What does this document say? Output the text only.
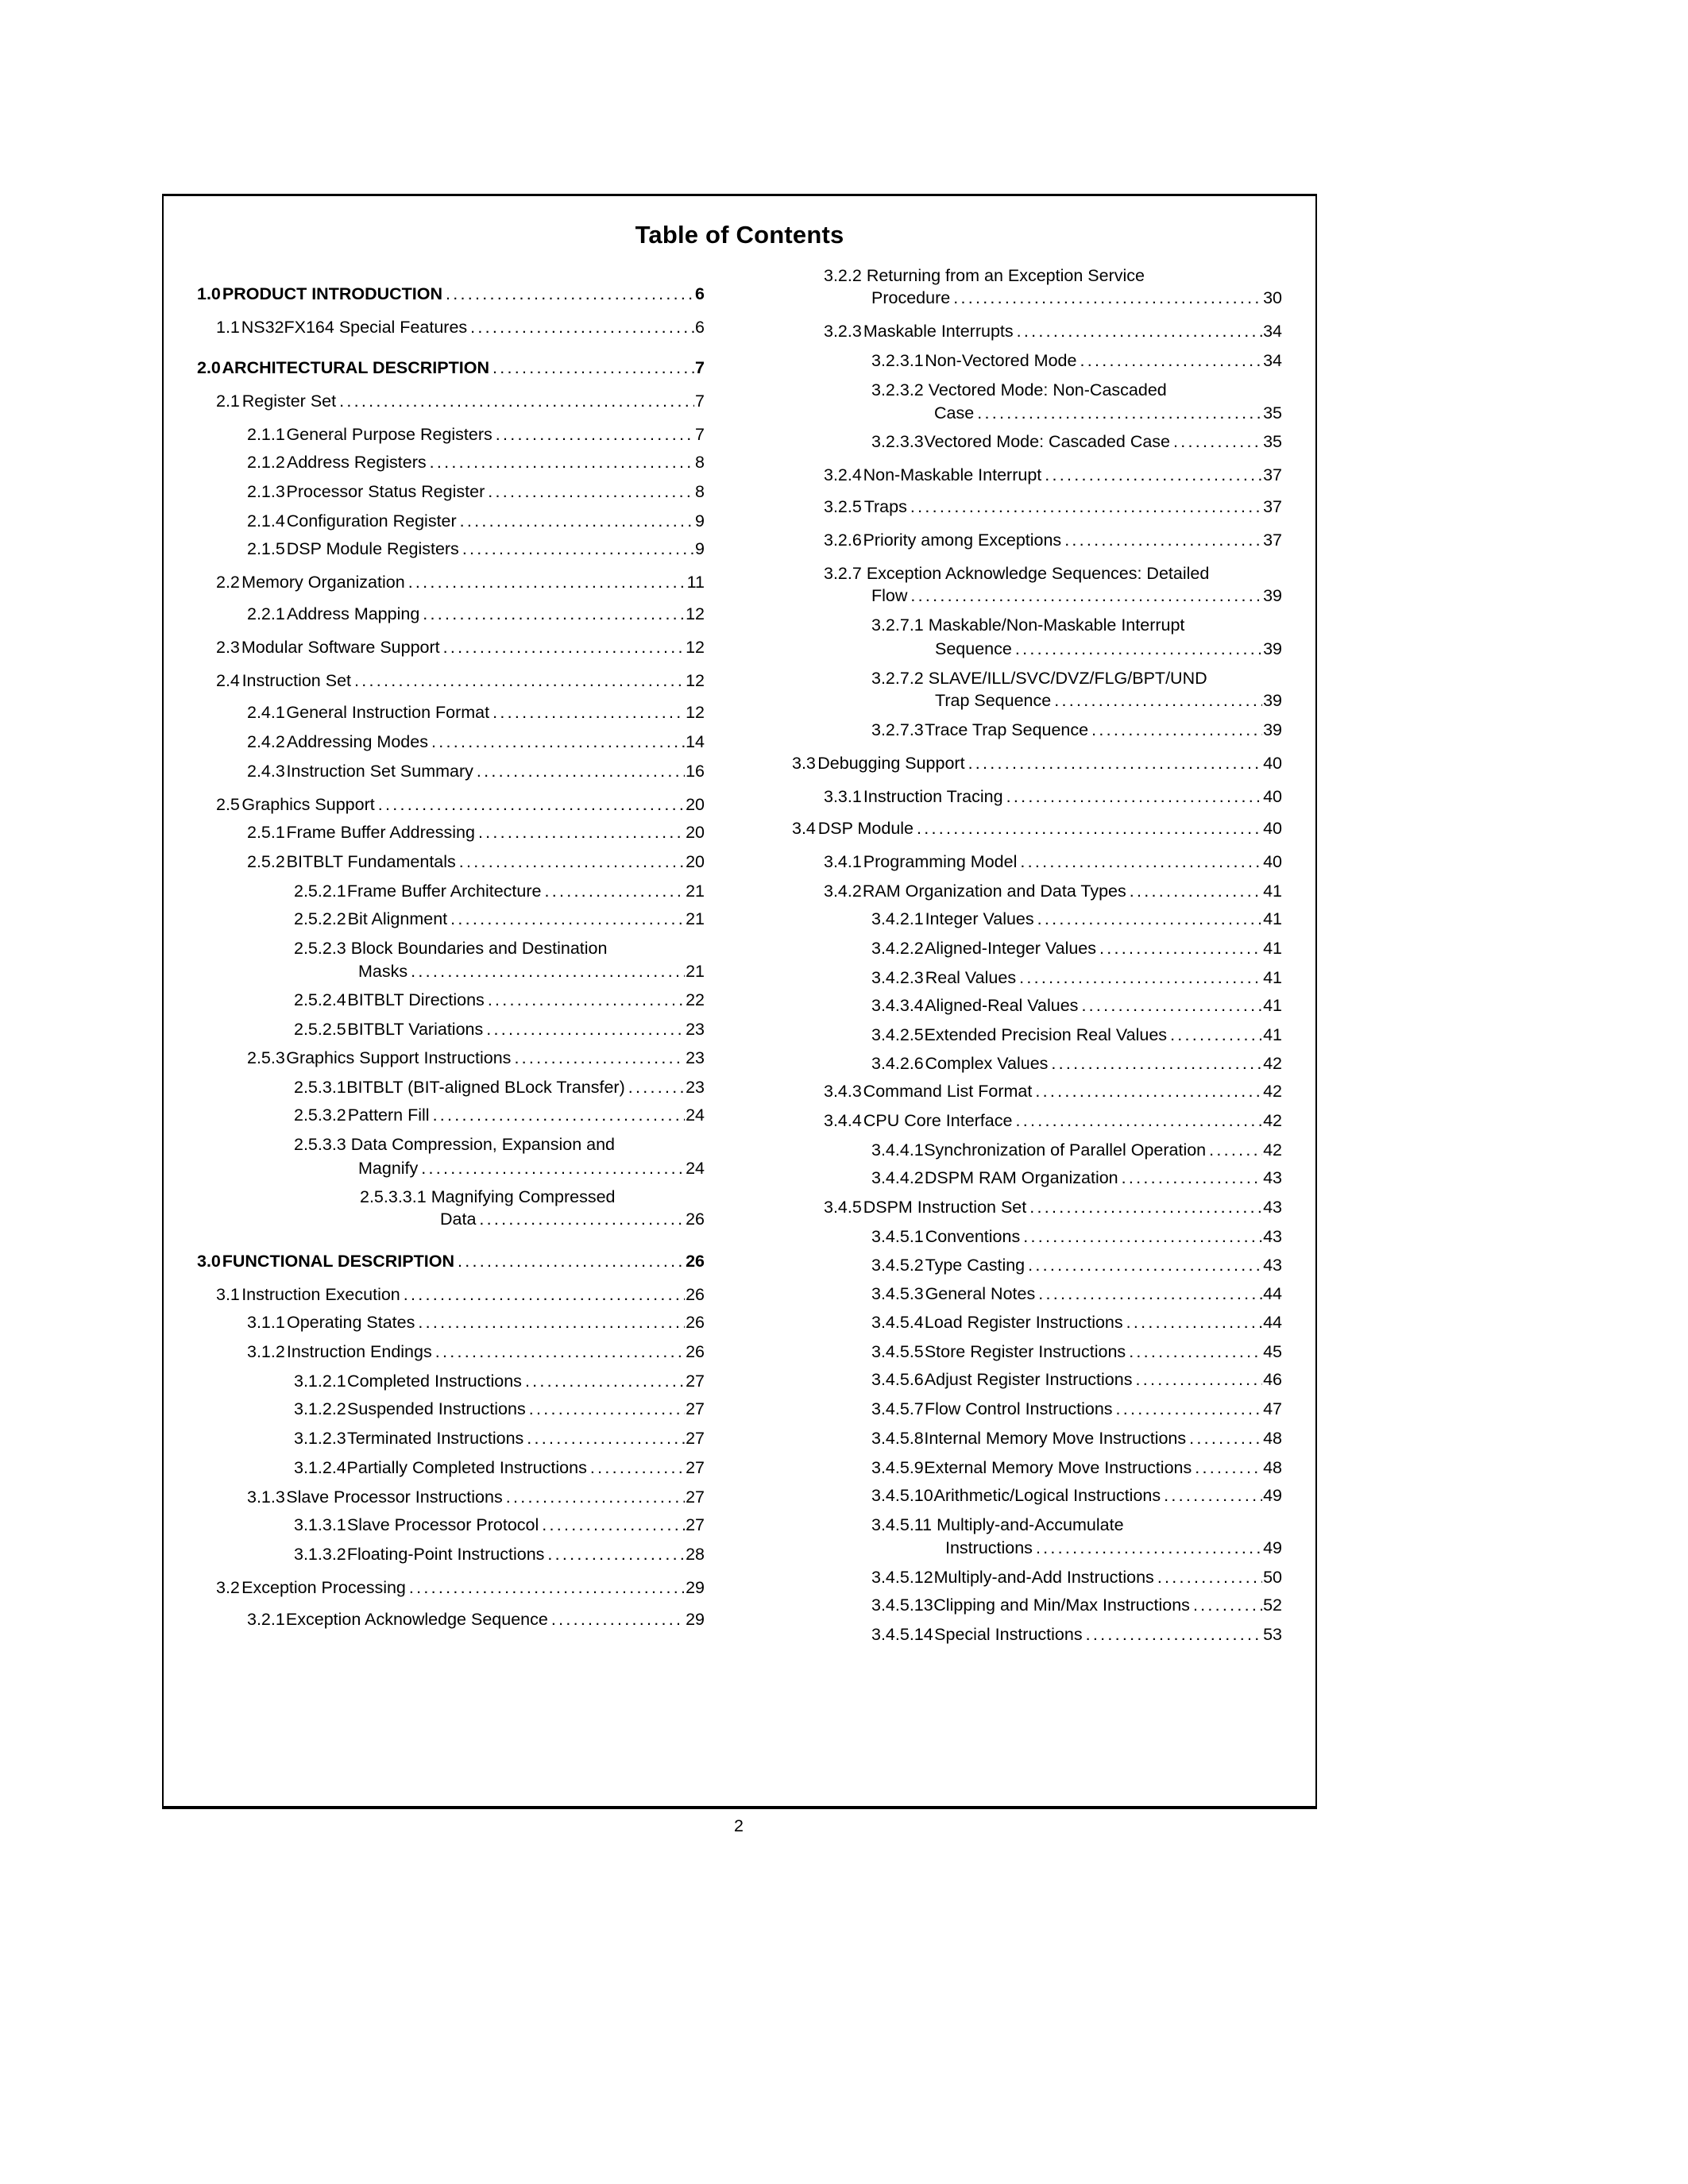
Table of Contents
1.0 PRODUCT INTRODUCTION . . .	6
1.1 NS32FX164 Special Features . . .	6
2.0 ARCHITECTURAL DESCRIPTION . . .	7
2.1 Register Set . . .	7
2.1.1 General Purpose Registers . . .	7
2.1.2 Address Registers . . .	8
2.1.3 Processor Status Register . . .	8
2.1.4 Configuration Register . . .	9
2.1.5 DSP Module Registers . . .	9
2.2 Memory Organization . . .	11
2.2.1 Address Mapping . . .	12
2.3 Modular Software Support . . .	12
2.4 Instruction Set . . .	12
2.4.1 General Instruction Format . . .	12
2.4.2 Addressing Modes . . .	14
2.4.3 Instruction Set Summary . . .	16
2.5 Graphics Support . . .	20
2.5.1 Frame Buffer Addressing . . .	20
2.5.2 BITBLT Fundamentals . . .	20
2.5.2.1 Frame Buffer Architecture . . .	21
2.5.2.2 Bit Alignment . . .	21
2.5.2.3 Block Boundaries and Destination
Masks . . .	21
2.5.2.4 BITBLT Directions . . .	22
2.5.2.5 BITBLT Variations . . .	23
2.5.3 Graphics Support Instructions . . .	23
2.5.3.1 BITBLT (BIT-aligned BLock Transfer) . . .	23
2.5.3.2 Pattern Fill . . .	24
2.5.3.3 Data Compression, Expansion and
Magnify . . .	24
2.5.3.3.1 Magnifying Compressed
Data . . .	26
3.0 FUNCTIONAL DESCRIPTION . . .	26
3.1 Instruction Execution . . .	26
3.1.1 Operating States . . .	26
3.1.2 Instruction Endings . . .	26
3.1.2.1 Completed Instructions . . .	27
3.1.2.2 Suspended Instructions . . .	27
3.1.2.3 Terminated Instructions . . .	27
3.1.2.4 Partially Completed Instructions . . .	27
3.1.3 Slave Processor Instructions . . .	27
3.1.3.1 Slave Processor Protocol . . .	27
3.1.3.2 Floating-Point Instructions . . .	28
3.2 Exception Processing . . .	29
3.2.1 Exception Acknowledge Sequence . . .	29
3.2.2 Returning from an Exception Service
Procedure . . .	30
3.2.3 Maskable Interrupts . . .	34
3.2.3.1 Non-Vectored Mode . . .	34
3.2.3.2 Vectored Mode: Non-Cascaded
Case . . .	35
3.2.3.3 Vectored Mode: Cascaded Case . . .	35
3.2.4 Non-Maskable Interrupt . . .	37
3.2.5 Traps . . .	37
3.2.6 Priority among Exceptions . . .	37
3.2.7 Exception Acknowledge Sequences: Detailed
Flow . . .	39
3.2.7.1 Maskable/Non-Maskable Interrupt
Sequence . . .	39
3.2.7.2 SLAVE/ILL/SVC/DVZ/FLG/BPT/UND
Trap Sequence . . .	39
3.2.7.3 Trace Trap Sequence . . .	39
3.3 Debugging Support . . .	40
3.3.1 Instruction Tracing . . .	40
3.4 DSP Module . . .	40
3.4.1 Programming Model . . .	40
3.4.2 RAM Organization and Data Types . . .	41
3.4.2.1 Integer Values . . .	41
3.4.2.2 Aligned-Integer Values . . .	41
3.4.2.3 Real Values . . .	41
3.4.3.4 Aligned-Real Values . . .	41
3.4.2.5 Extended Precision Real Values . . .	41
3.4.2.6 Complex Values . . .	42
3.4.3 Command List Format . . .	42
3.4.4 CPU Core Interface . . .	42
3.4.4.1 Synchronization of Parallel Operation . . .	42
3.4.4.2 DSPM RAM Organization . . .	43
3.4.5 DSPM Instruction Set . . .	43
3.4.5.1 Conventions . . .	43
3.4.5.2 Type Casting . . .	43
3.4.5.3 General Notes . . .	44
3.4.5.4 Load Register Instructions . . .	44
3.4.5.5 Store Register Instructions . . .	45
3.4.5.6 Adjust Register Instructions . . .	46
3.4.5.7 Flow Control Instructions . . .	47
3.4.5.8 Internal Memory Move Instructions . . .	48
3.4.5.9 External Memory Move Instructions . . .	48
3.4.5.10 Arithmetic/Logical Instructions . . .	49
3.4.5.11 Multiply-and-Accumulate
Instructions . . .	49
3.4.5.12 Multiply-and-Add Instructions . . .	50
3.4.5.13 Clipping and Min/Max Instructions . . .	52
3.4.5.14 Special Instructions . . .	53
2
